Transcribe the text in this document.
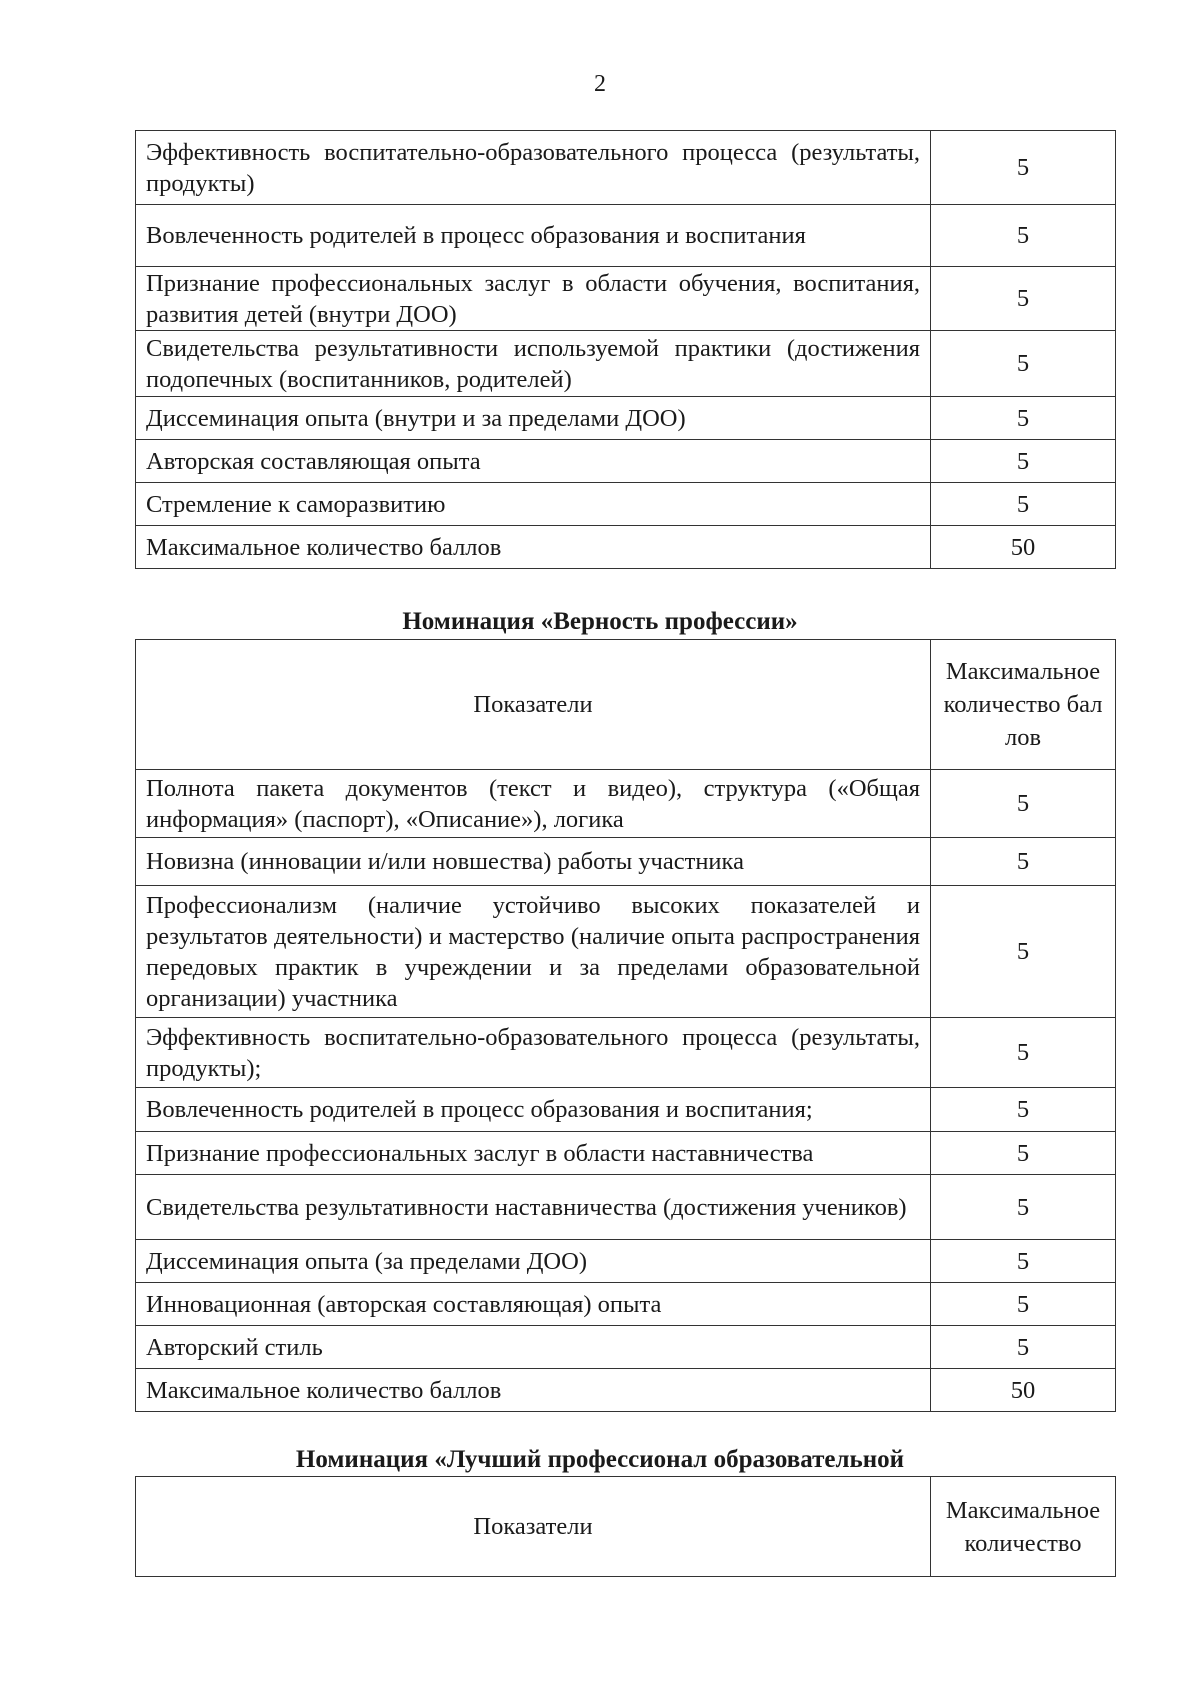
2
Эффективность воспитательно-образовательного процесса (результаты, продукты)	5
Вовлеченность родителей в процесс образования и воспитания	5
Признание профессиональных заслуг в области обучения, воспитания, развития детей (внутри ДОО)	5
Свидетельства результативности используемой практики (достижения подопечных (воспитанников, родителей)	5
Диссеминация опыта (внутри и за пределами ДОО)	5
Авторская составляющая опыта	5
Стремление к саморазвитию	5
Максимальное количество баллов	50
Номинация «Верность профессии»
Показатели	Максимальное количество баллов
Полнота пакета документов (текст и видео), структура («Общая информация» (паспорт), «Описание»), логика	5
Новизна (инновации и/или новшества) работы участника	5
Профессионализм (наличие устойчиво высоких показателей и результатов деятельности) и мастерство (наличие опыта распространения передовых практик в учреждении и за пределами образовательной организации) участника	5
Эффективность воспитательно-образовательного процесса (результаты, продукты);	5
Вовлеченность родителей в процесс образования и воспитания;	5
Признание профессиональных заслуг в области наставничества	5
Свидетельства результативности наставничества (достижения учеников)	5
Диссеминация опыта (за пределами ДОО)	5
Инновационная (авторская составляющая) опыта	5
Авторский стиль	5
Максимальное количество баллов	50
Номинация «Лучший профессионал образовательной
Показатели	Максимальное количество
